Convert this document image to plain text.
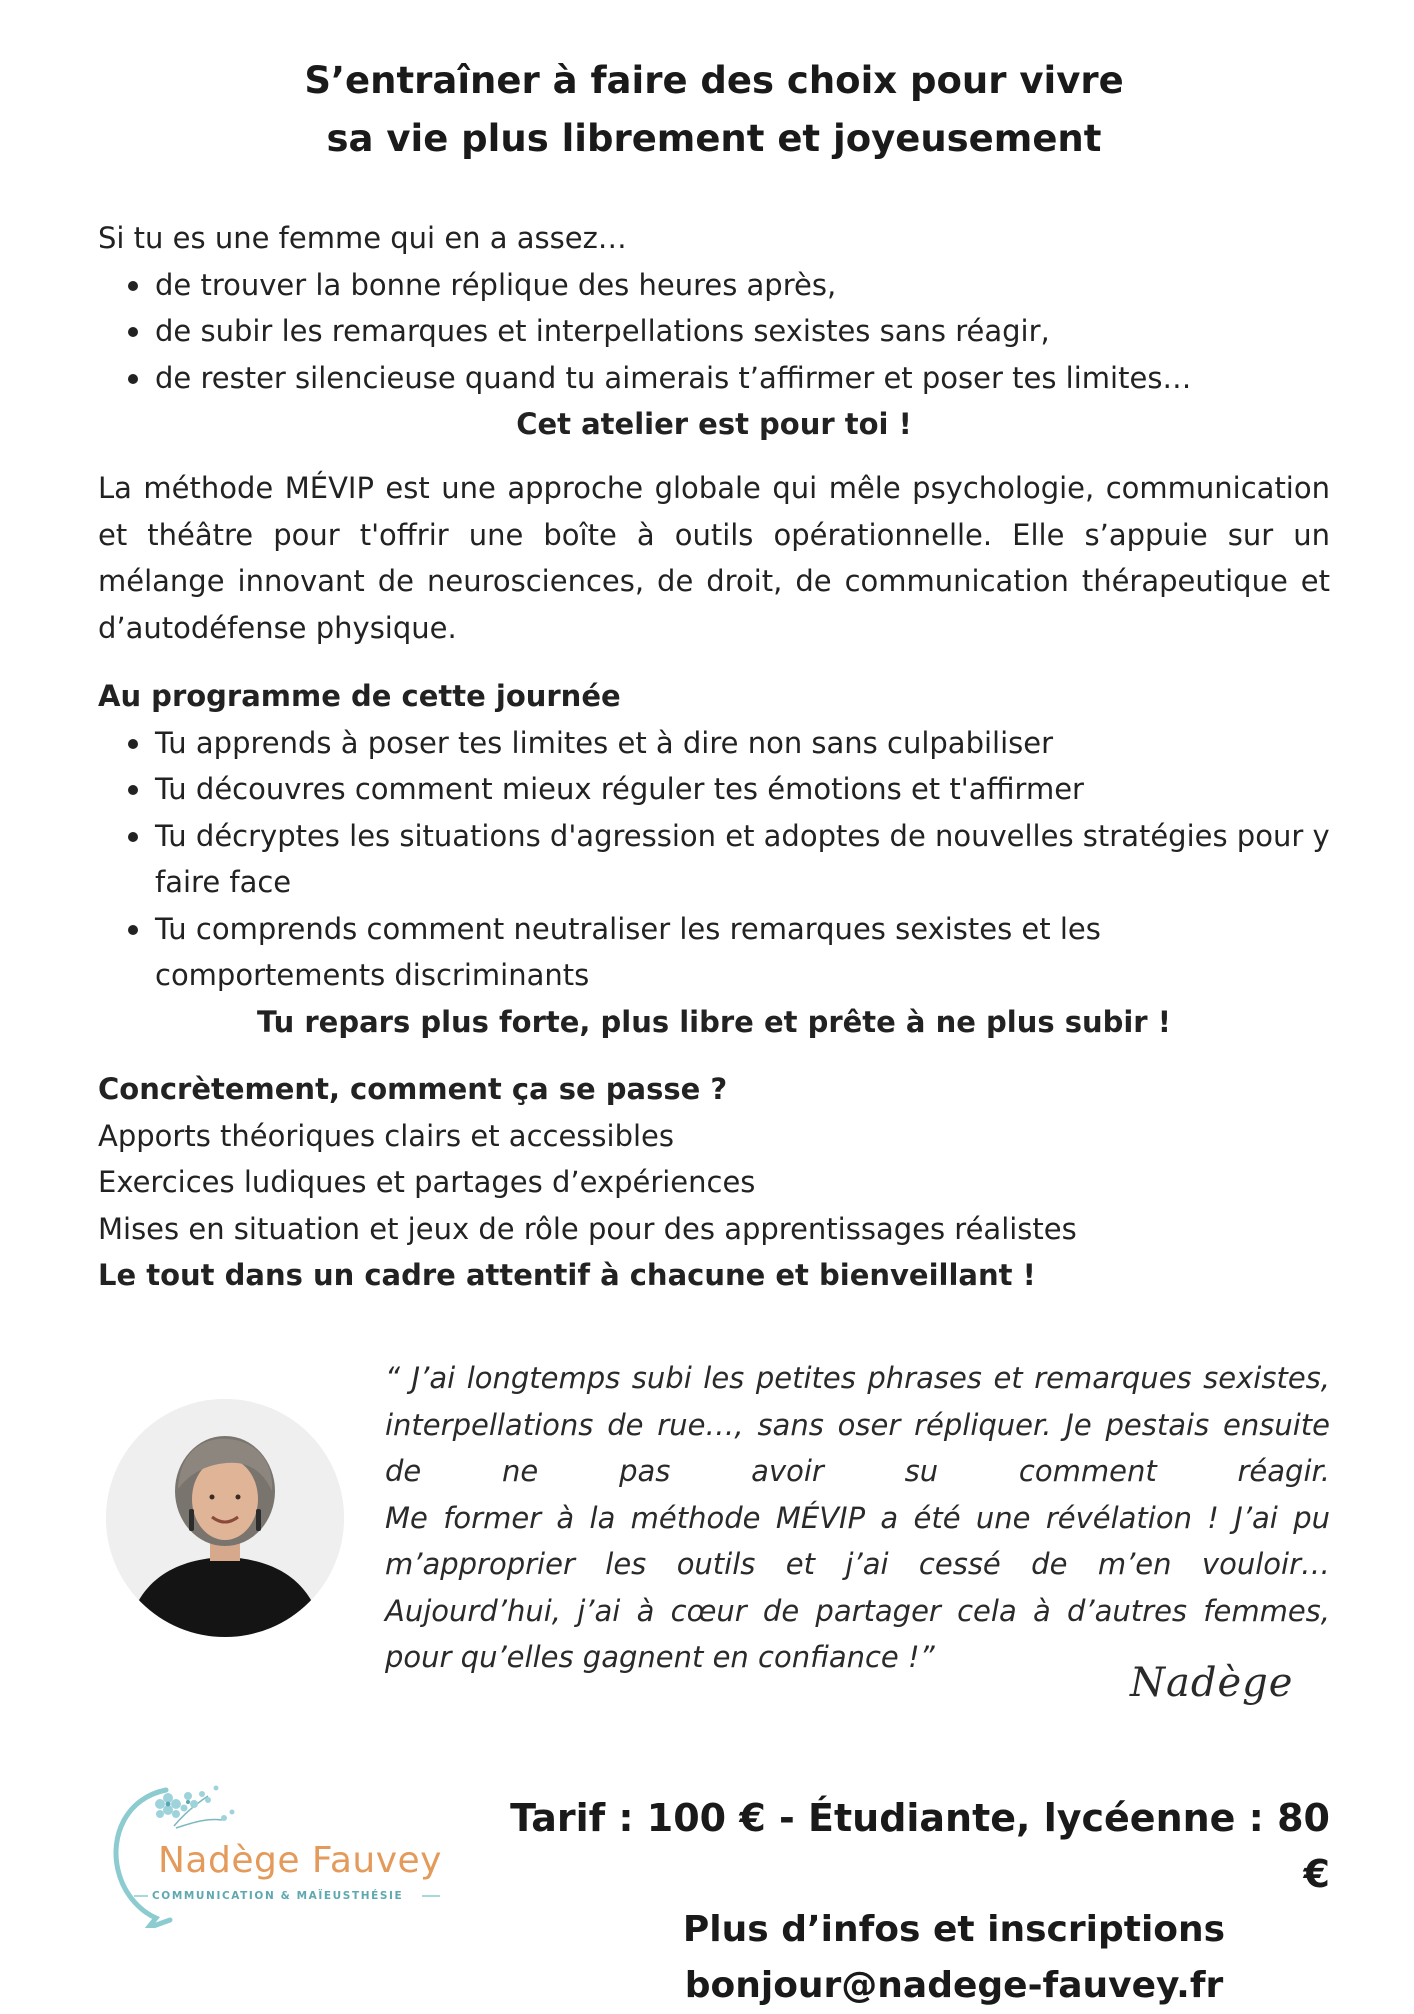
S’entraîner à faire des choix pour vivre
sa vie plus librement et joyeusement
Si tu es une femme qui en a assez…
de trouver la bonne réplique des heures après,
de subir les remarques et interpellations sexistes sans réagir,
de rester silencieuse quand tu aimerais t’affirmer et poser tes limites…
Cet atelier est pour toi !
La méthode MÉVIP est une approche globale qui mêle psychologie, communication et théâtre pour t'offrir une boîte à outils opérationnelle. Elle s’appuie sur un mélange innovant de neurosciences, de droit, de communication thérapeutique et d’autodéfense physique.
Au programme de cette journée
Tu apprends à poser tes limites et à dire non sans culpabiliser
Tu découvres comment mieux réguler tes émotions et t'affirmer
Tu décryptes les situations d'agression et adoptes de nouvelles stratégies pour y faire face
Tu comprends comment neutraliser les remarques sexistes et les comportements discriminants
Tu repars plus forte, plus libre et prête à ne plus subir !
Concrètement, comment ça se passe ?
Apports théoriques clairs et accessibles
Exercices ludiques et partages d’expériences
Mises en situation et jeux de rôle pour des apprentissages réalistes
Le tout dans un cadre attentif à chacune et bienveillant !
“ J’ai longtemps subi les petites phrases et remarques sexistes, interpellations de rue…, sans oser répliquer. Je pestais ensuite de ne pas avoir su comment réagir.
Me former à la méthode MÉVIP a été une révélation ! J’ai pu m’approprier les outils et j’ai cessé de m’en vouloir… Aujourd’hui, j’ai à cœur de partager cela à d’autres femmes, pour qu’elles gagnent en confiance !”
Nadège
Nadège Fauvey
COMMUNICATION & MAÏEUSTHÉSIE
Tarif : 100 € - Étudiante, lycéenne : 80 €
Plus d’infos et inscriptions
bonjour@nadege-fauvey.fr
